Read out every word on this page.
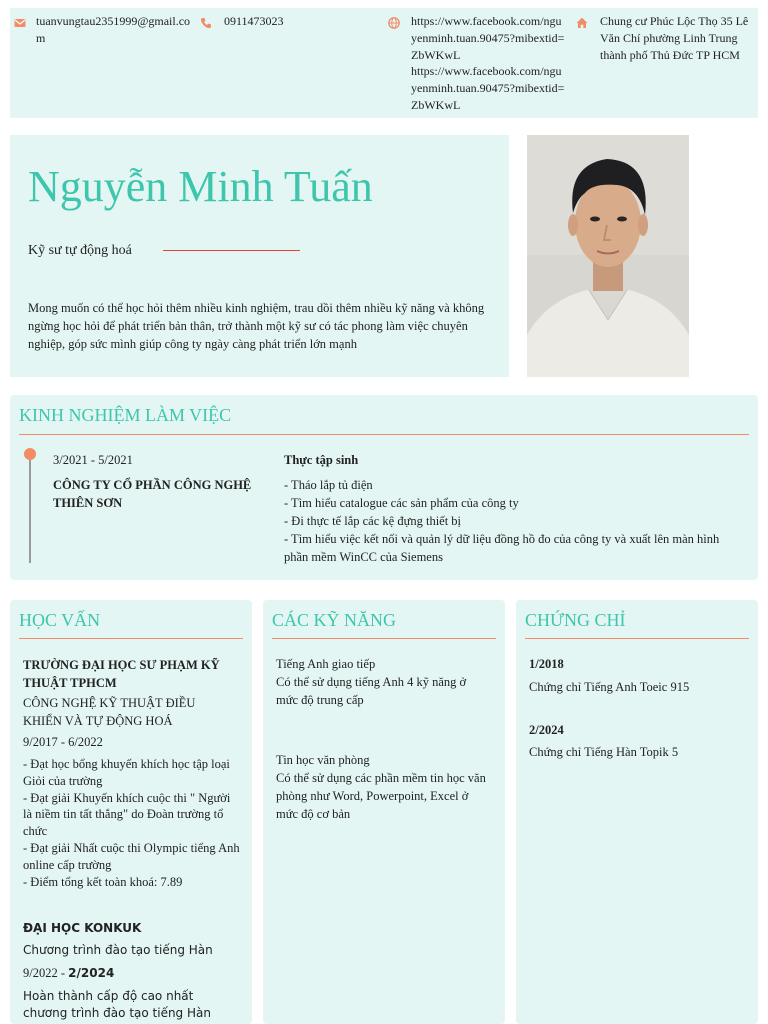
tuanvungtau2351999@gmail.com
0911473023	https://www.facebook.com/nguyenminh.tuan.90475?mibextid=ZbWKwL
https://www.facebook.com/nguyenminh.tuan.90475?mibextid=ZbWKwL
Chung cư Phúc Lộc Thọ 35 Lê Văn Chí phường Linh Trung thành phố Thủ Đức TP HCM
Nguyễn Minh Tuấn
Kỹ sư tự động hoá
Mong muốn có thể học hỏi thêm nhiều kinh nghiệm, trau dồi thêm nhiều kỹ năng và không ngừng học hỏi để phát triển bản thân, trở thành một kỹ sư có tác phong làm việc chuyên nghiệp, góp sức mình giúp công ty ngày càng phát triển lớn mạnh
KINH NGHIỆM LÀM VIỆC
3/2021 - 5/2021
CÔNG TY CỔ PHẦN CÔNG NGHỆ THIÊN SƠN
Thực tập sinh
- Tháo lắp tủ điện
- Tìm hiểu catalogue các sản phẩm của công ty
- Đi thực tế lắp các kệ đựng thiết bị
- Tìm hiểu việc kết nối và quản lý dữ liệu đồng hồ đo của công ty và xuất lên màn hình phần mềm WinCC của Siemens
HỌC VẤN
TRƯỜNG ĐẠI HỌC SƯ PHẠM KỸ THUẬT TPHCM
CÔNG NGHỆ KỸ THUẬT ĐIỀU KHIỂN VÀ TỰ ĐỘNG HOÁ
9/2017 - 6/2022
- Đạt học bổng khuyến khích học tập loại Giỏi của trường
- Đạt giải Khuyến khích cuộc thi " Người là niềm tin tất thắng" do Đoàn trường tổ chức
- Đạt giải Nhất cuộc thi Olympic tiếng Anh online cấp trường
- Điểm tổng kết toàn khoá: 7.89
ĐẠI HỌC KONKUK
Chương trình đào tạo tiếng Hàn
9/2022 - 2/2024
Hoàn thành cấp độ cao nhất chương trình đào tạo tiếng Hàn
CÁC KỸ NĂNG
Tiếng Anh giao tiếp
Có thể sử dụng tiếng Anh 4 kỹ năng ở mức độ trung cấp
Tin học văn phòng
Có thể sử dụng các phần mềm tin học văn phòng như Word, Powerpoint, Excel ở mức độ cơ bản
CHỨNG CHỈ
1/2018
Chứng chỉ Tiếng Anh Toeic 915
2/2024
Chứng chỉ Tiếng Hàn Topik 5
